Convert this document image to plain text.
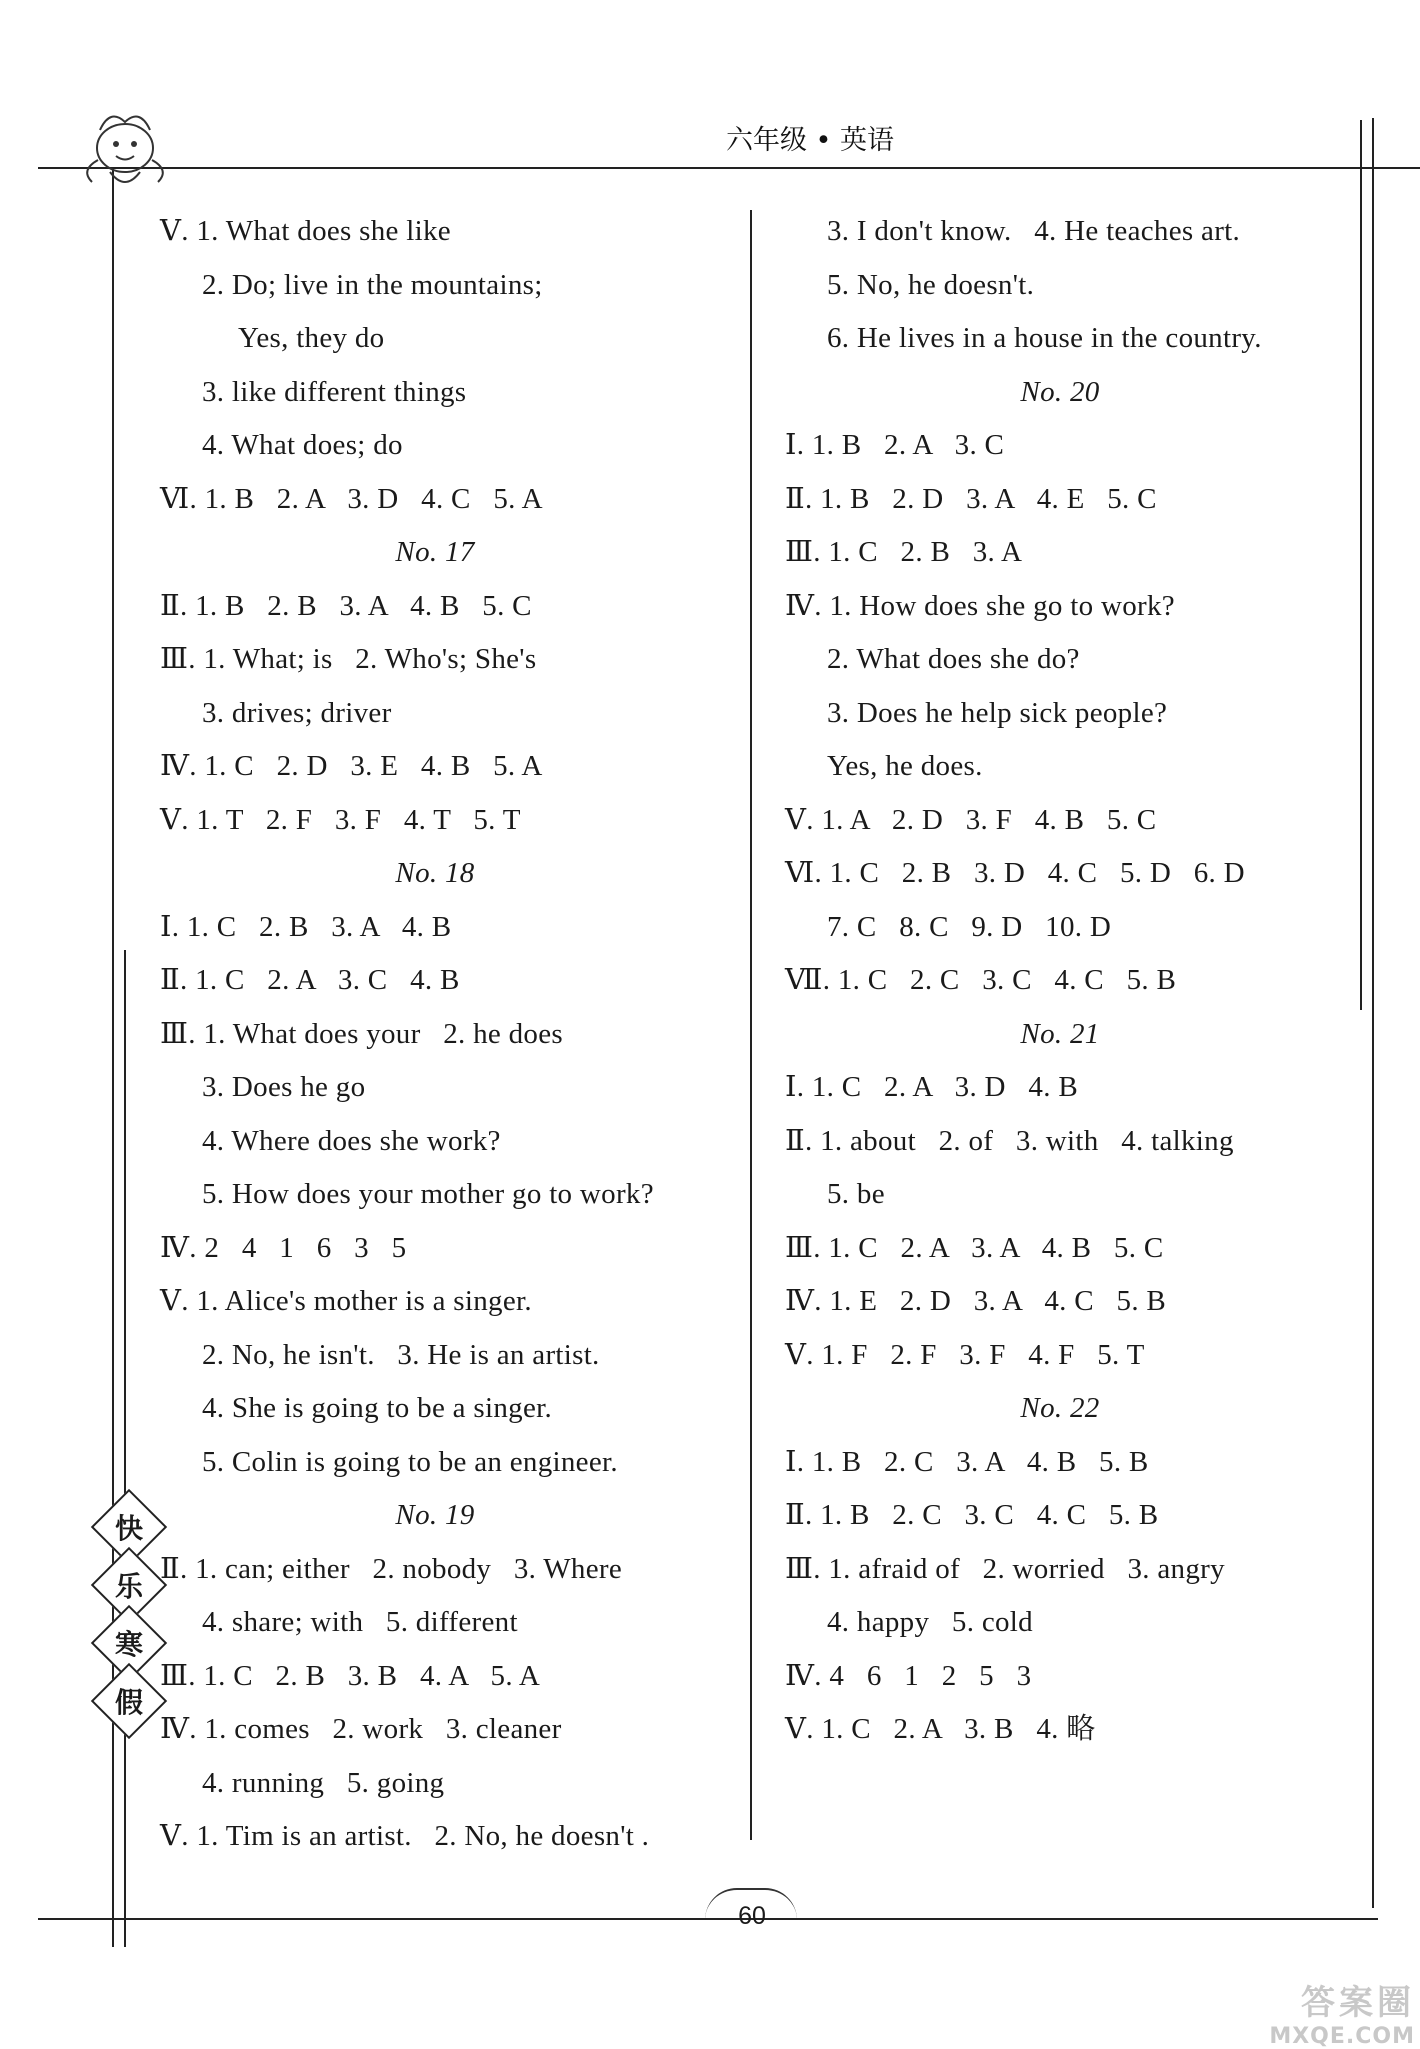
六年级 • 英语
Ⅴ. 1. What does she like
2. Do; live in the mountains;
Yes, they do
3. like different things
4. What does; do
Ⅵ. 1. B   2. A   3. D   4. C   5. A
No. 17
Ⅱ. 1. B   2. B   3. A   4. B   5. C
Ⅲ. 1. What; is   2. Who's; She's
3. drives; driver
Ⅳ. 1. C   2. D   3. E   4. B   5. A
Ⅴ. 1. T   2. F   3. F   4. T   5. T
No. 18
Ⅰ. 1. C   2. B   3. A   4. B
Ⅱ. 1. C   2. A   3. C   4. B
Ⅲ. 1. What does your   2. he does
3. Does he go
4. Where does she work?
5. How does your mother go to work?
Ⅳ. 2   4   1   6   3   5
Ⅴ. 1. Alice's mother is a singer.
2. No, he isn't.   3. He is an artist.
4. She is going to be a singer.
5. Colin is going to be an engineer.
No. 19
Ⅱ. 1. can; either   2. nobody   3. Where
4. share; with   5. different
Ⅲ. 1. C   2. B   3. B   4. A   5. A
Ⅳ. 1. comes   2. work   3. cleaner
4. running   5. going
Ⅴ. 1. Tim is an artist.   2. No, he doesn't .
3. I don't know.   4. He teaches art.
5. No, he doesn't.
6. He lives in a house in the country.
No. 20
Ⅰ. 1. B   2. A   3. C
Ⅱ. 1. B   2. D   3. A   4. E   5. C
Ⅲ. 1. C   2. B   3. A
Ⅳ. 1. How does she go to work?
2. What does she do?
3. Does he help sick people?
Yes, he does.
Ⅴ. 1. A   2. D   3. F   4. B   5. C
Ⅵ. 1. C   2. B   3. D   4. C   5. D   6. D
7. C   8. C   9. D   10. D
Ⅶ. 1. C   2. C   3. C   4. C   5. B
No. 21
Ⅰ. 1. C   2. A   3. D   4. B
Ⅱ. 1. about   2. of   3. with   4. talking
5. be
Ⅲ. 1. C   2. A   3. A   4. B   5. C
Ⅳ. 1. E   2. D   3. A   4. C   5. B
Ⅴ. 1. F   2. F   3. F   4. F   5. T
No. 22
Ⅰ. 1. B   2. C   3. A   4. B   5. B
Ⅱ. 1. B   2. C   3. C   4. C   5. B
Ⅲ. 1. afraid of   2. worried   3. angry
4. happy   5. cold
Ⅳ. 4   6   1   2   5   3
Ⅴ. 1. C   2. A   3. B   4. 略
快
乐
寒
假
60
答案圈
MXQE.COM
